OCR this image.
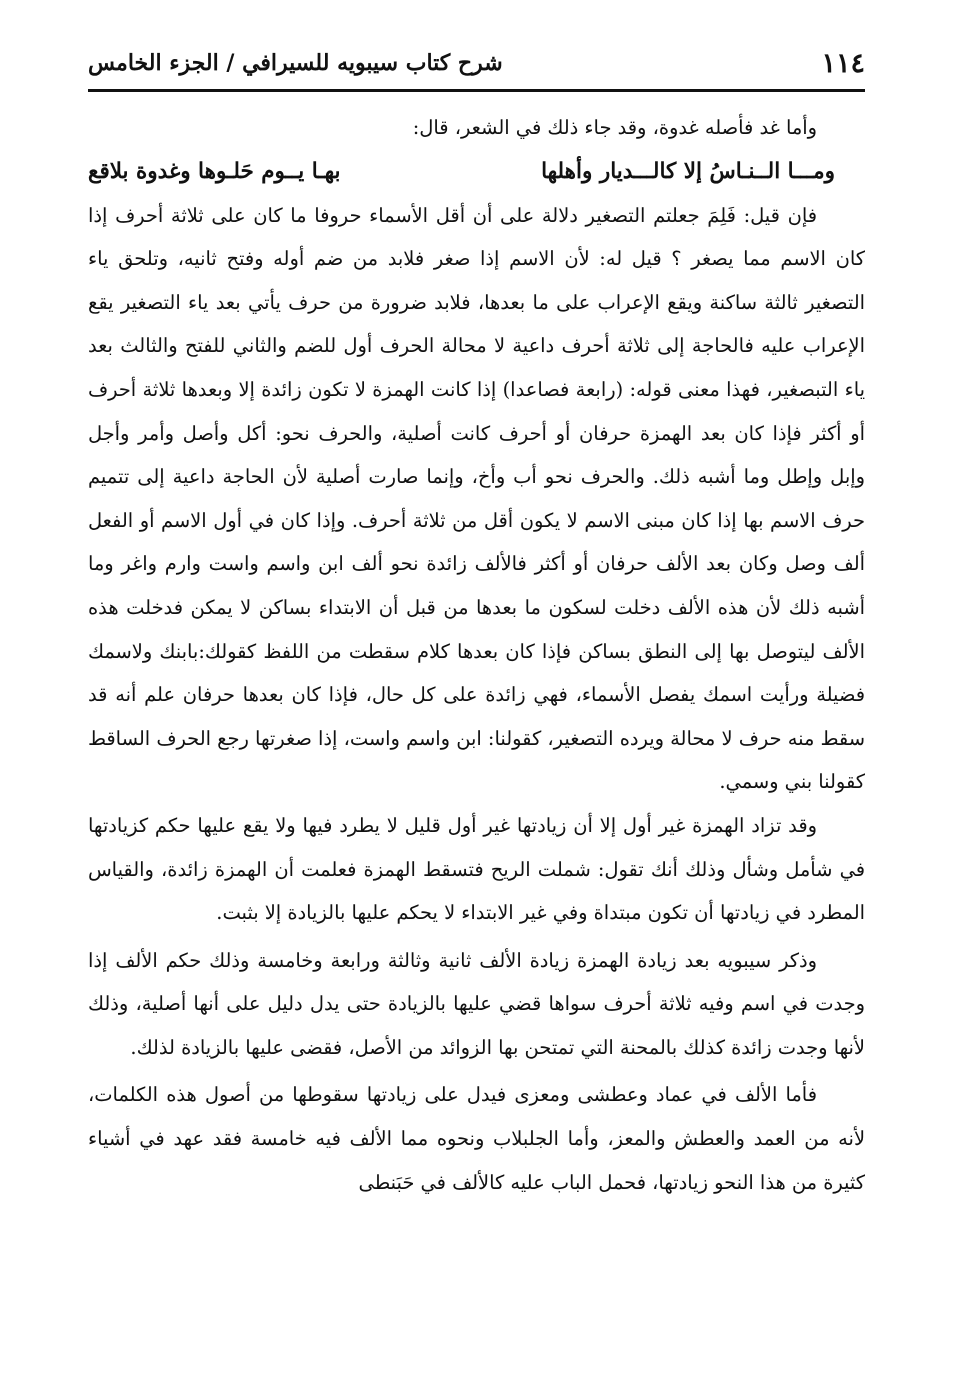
١١٤
شرح كتاب سيبويه للسيرافي / الجزء الخامس

وأما غد فأصله غدوة، وقد جاء ذلك في الشعر، قال:

ومـــا الــنـاسُ إلا كالـــديار وأهلها
بهـا يــوم حَلـوها وغدوة بلاقع

فإن قيل: فَلِمَ جعلتم التصغير دلالة على أن أقل الأسماء حروفا ما كان على ثلاثة أحرف إذا كان الاسم مما يصغر ؟ قيل له: لأن الاسم إذا صغر فلابد من ضم أوله وفتح ثانيه، وتلحق ياء التصغير ثالثة ساكنة ويقع الإعراب على ما بعدها، فلابد ضرورة من حرف يأتي بعد ياء التصغير يقع الإعراب عليه فالحاجة إلى ثلاثة أحرف داعية لا محالة الحرف أول للضم والثاني للفتح والثالث بعد ياء التبصغير، فهذا معنى قوله: (رابعة فصاعدا) إذا كانت الهمزة لا تكون زائدة إلا وبعدها ثلاثة أحرف أو أكثر فإذا كان بعد الهمزة حرفان أو أحرف كانت أصلية، والحرف نحو: أكل وأصل وأمر وأجل وإبل وإطل وما أشبه ذلك. والحرف نحو أب وأخ، وإنما صارت أصلية لأن الحاجة داعية إلى تتميم حرف الاسم بها إذا كان مبنى الاسم لا يكون أقل من ثلاثة أحرف. وإذا كان في أول الاسم أو الفعل ألف وصل وكان بعد الألف حرفان أو أكثر فالألف زائدة نحو ألف ابن واسم واست وارم واغر وما أشبه ذلك لأن هذه الألف دخلت لسكون ما بعدها من قبل أن الابتداء بساكن لا يمكن فدخلت هذه الألف ليتوصل بها إلى النطق بساكن فإذا كان بعدها كلام سقطت من اللفظ كقولك:بابنك ولاسمك فضيلة ورأيت اسمك يفصل الأسماء، فهي زائدة على كل حال، فإذا كان بعدها حرفان علم أنه قد سقط منه حرف لا محالة ويرده التصغير، كقولنا: ابن واسم واست، إذا صغرتها رجع الحرف الساقط كقولنا بني وسمي.

وقد تزاد الهمزة غير أول إلا أن زيادتها غير أول قليل لا يطرد فيها ولا يقع عليها حكم كزيادتها في شأمل وشأل وذلك أنك تقول: شملت الريح فتسقط الهمزة فعلمت أن الهمزة زائدة، والقياس المطرد في زيادتها أن تكون مبتداة وفي غير الابتداء لا يحكم عليها بالزيادة إلا بثبت.

وذكر سيبويه بعد زيادة الهمزة زيادة الألف ثانية وثالثة ورابعة وخامسة وذلك حكم الألف إذا وجدت في اسم وفيه ثلاثة أحرف سواها قضي عليها بالزيادة حتى يدل دليل على أنها أصلية، وذلك لأنها وجدت زائدة كذلك بالمحنة التي تمتحن بها الزوائد من الأصل، فقضى عليها بالزيادة لذلك.

فأما الألف في عماد وعطشى ومعزى فيدل على زيادتها سقوطها من أصول هذه الكلمات، لأنه من العمد والعطش والمعز، وأما الجلبلاب ونحوه مما الألف فيه خامسة فقد عهد في أشياء كثيرة من هذا النحو زيادتها، فحمل الباب عليه كالألف في حَبَنطى
